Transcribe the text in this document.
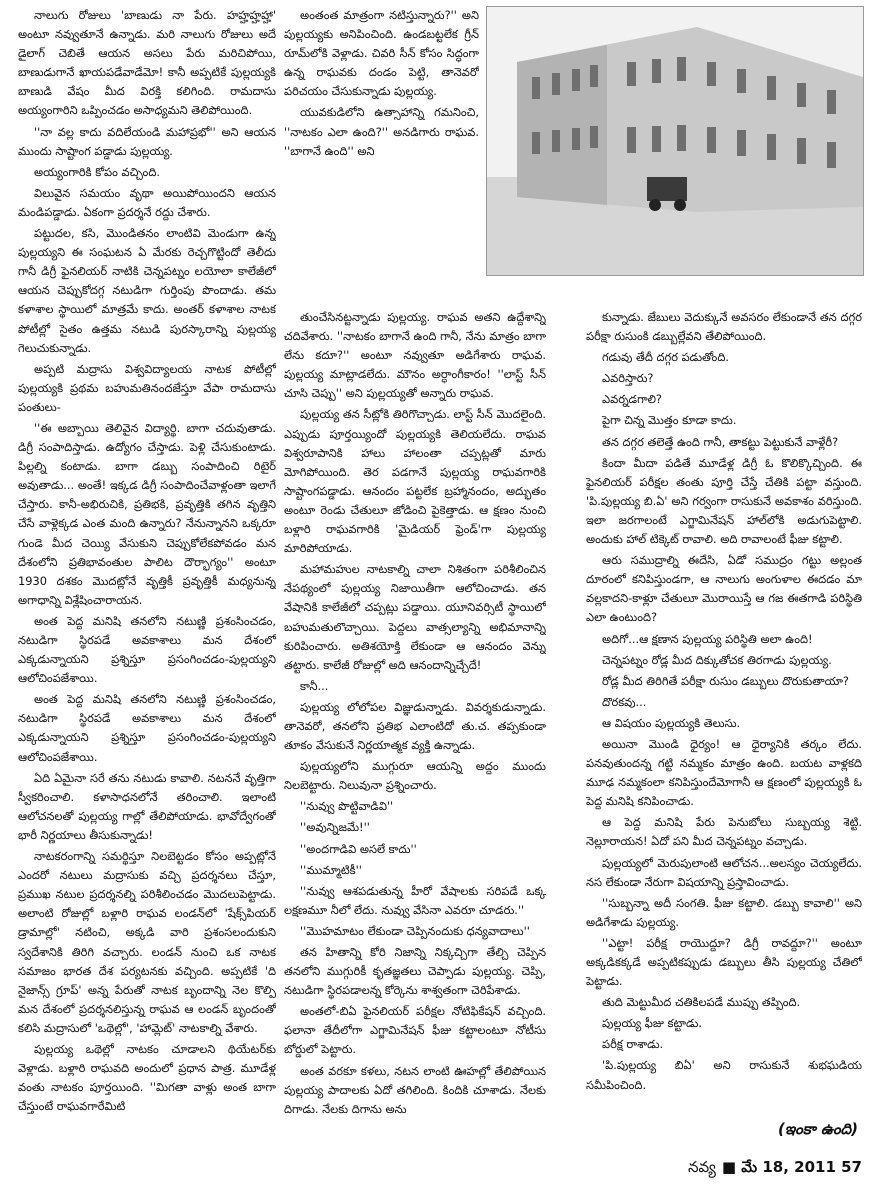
నాలుగు రోజులు 'బాణుడు నా పేరు. హహ్హహ్హహ్హా' అంటూ నవ్వుతూనే ఉన్నాడు. మరి నాలుగు రోజులు అదే డైలాగ్ చెబితే ఆయన అసలు పేరు మరిచిపోయి, బాణుడుగానే ఖాయపడేవాడేమో! కానీ అప్పటికే పుల్లయ్యకి బాణుడి వేషం మీద విరక్తి కలిగింది. రామదాసు అయ్యంగారిని ఒప్పించడం అసాధ్యమని తెలిపోయింది.

''నా వల్ల కాదు వదిలేయండి మహాప్రభో'' అని ఆయన ముందు సాష్టాంగ పడ్డాడు పుల్లయ్య.

అయ్యంగారికి కోపం వచ్చింది.

విలువైన సమయం వృథా అయిపోయిందని ఆయన మండిపడ్డాడు. ఏకంగా ప్రదర్శనే రద్దు చేశారు.

పట్టుదల, కసి, మొండితనం లాంటివి మెండుగా ఉన్న పుల్లయ్యని ఈ సంఘటన ఏ మేరకు రెచ్చగొట్టిందో తెలీదు గానీ డిగ్రీ ఫైనలియర్ నాటికి చెన్నపట్నం లయోలా కాలేజీలో ఆయన చెప్పుకోదగ్గ నటుడిగా గుర్తింపు పొందాడు. తమ కళాశాల స్థాయిలో మాత్రమే కాదు. అంతర్ కళాశాల నాటక పోటీల్లో సైతం ఉత్తమ నటుడి పురస్కారాన్ని పుల్లయ్య గెలుచుకున్నాడు.

అప్పటి మద్రాసు విశ్వవిద్యాలయ నాటక పోటీల్లో పుల్లయ్యకి ప్రథమ బహుమతినందజేస్తూ వేపా రామదాసు పంతులు-

''ఈ అబ్బాయి తెలివైన విద్యార్థి. బాగా చదువుతాడు. డిగ్రీ సంపాదిస్తాడు. ఉద్యోగం చేస్తాడు. పెళ్లి చేసుకుంటాడు. పిల్లల్ని కంటాడు. బాగా డబ్బు సంపాదించి రిటైర్ అవుతాడు... అంతే! ఇక్కడ డిగ్రీ సంపాదించేవాళ్లంతా ఇలాగే చేస్తారు. కానీ-అభిరుచికి, ప్రతిభకి, ప్రవృత్తికి తగిన వృత్తిని చేసే వాళ్లెక్కడ ఎంత మంది ఉన్నారు? నేనున్నానని ఒక్కరూ గుండె మీద చెయ్యి వేసుకుని చెప్పుకోలేకపోవడం మన దేశంలోని ప్రతిభావంతుల పాలిట దౌర్భాగ్యం'' అంటూ 1930 దశకం మొదట్లోనే వృత్తికీ ప్రవృత్తికీ మధ్యనున్న అగాధాన్ని విశ్లేషించారాయన.

అంత పెద్ద మనిషి తనలోని నటుణ్ణి ప్రశంసించడం, నటుడిగా స్థిరపడే అవకాశాలు మన దేశంలో ఎక్కడున్నాయని ప్రశ్నిస్తూ ప్రసంగించడం-పుల్లయ్యని ఆలోచింపజేశాయి.

అంత పెద్ద మనిషి తనలోని నటుణ్ణి ప్రశంసించడం, నటుడిగా స్థిరపడే అవకాశాలు మన దేశంలో ఎక్కడున్నాయని ప్రశ్నిస్తూ ప్రసంగించడం-పుల్లయ్యని ఆలోచింపజేశాయి.

ఏది ఏమైనా సరే తను నటుడు కావాలి. నటననే వృత్తిగా స్వీకరించాలి. కళాసాధనలోనే తరించాలి. ఇలాంటి ఆలోచనలతో పుల్లయ్య గాల్లో తేలిపోయాడు. భావోద్వేగంతో భారీ నిర్ణయాలు తీసుకున్నాడు!

నాటకరంగాన్ని సమర్థిస్తూ నిలబెట్టడం కోసం అప్పట్లోనే ఎందరో నటులు మద్రాసుకు వచ్చి ప్రదర్శనలు చేస్తూ, ప్రముఖ నటుల ప్రదర్శనల్ని పరిశీలించడం మొదలుపెట్టాడు. అలాంటి రోజుల్లో బళ్లారి రాఘవ లండన్‌లో 'షేక్స్‌పియర్ డ్రామాల్లో' నటించి, అక్కడి వారి ప్రశంసలందుకుని స్వదేశానికి తిరిగి వచ్చారు. లండన్ నుంచి ఒక నాటక సమాజం భారత దేశ పర్యటనకు వచ్చింది. అప్పటికే 'ది నైజాన్స్ గ్రూప్' అన్న పేరుతో నాటక బృందాన్ని నెల కొల్పి మన దేశంలో ప్రదర్శనలిస్తున్న రాఘవ ఆ లండన్ బృందంతో కలిసి మద్రాసులో 'ఒథెల్లో', 'హామ్లెట్' నాటకాల్ని వేశారు.

పుల్లయ్య ఒథెల్లో నాటకం చూడాలని థియేటర్‌కు వెళ్లాడు. బళ్లారి రాఘవది అందులో ప్రధాన పాత్ర. మూడేళ్ల వంతు నాటకం పూర్తయింది. ''మిగతా వాళ్లు అంత బాగా చేస్తుంటే రాఘవగారేమిటి

అంతంత మాత్రంగా నటిస్తున్నారు?'' అని పుల్లయ్యకు అనిపించింది. ఉండబట్టలేక గ్రీన్ రూమ్‌లోకి వెళ్లాడు. చివరి సీన్ కోసం సిద్ధంగా ఉన్న రాఘవకు దండం పెట్టి, తానెవరో పరిచయం చేసుకున్నాడు పుల్లయ్య.

యువకుడిలోని ఉత్సాహాన్ని గమనించి, ''నాటకం ఎలా ఉంది?'' అనడిగారు రాఘవ. ''బాగానే ఉంది'' అని

తుంచేసినట్టన్నాడు పుల్లయ్య. రాఘవ అతని ఉద్దేశాన్ని చదివేశారు. ''నాటకం బాగానే ఉంది గానీ, నేను మాత్రం బాగా లేను కదూ?'' అంటూ నవ్వుతూ అడిగేశారు రాఘవ. పుల్లయ్య మాట్లాడలేదు. మౌనం అర్ధాంగీకారం! ''లాస్ట్ సీన్ చూసి చెప్పు'' అని పుల్లయ్యతో అన్నారు రాఘవ.

పుల్లయ్య తన సీట్లోకి తిరిగొచ్చాడు. లాస్ట్ సీన్ మొదలైంది. ఎప్పుడు పూర్తయ్యిందో పుల్లయ్యకి తెలియలేదు. రాఘవ విశ్వరూపానికి హాలు హాలంతా చప్పట్లతో మారు మోగిపోయింది. తెర పడగానే పుల్లయ్య రాఘవగారికి సాష్టాంగపడ్డాడు. ఆనందం పట్టలేక బ్రహ్మానందం, అద్భుతం అంటూ రెండు చేతులూ జోడించి పైకెత్తాడు. ఆ క్షణం నుంచి బళ్లారి రాఘవగారికి 'మైడియర్ ఫ్రెండ్'గా పుల్లయ్య మారిపోయాడు.

మహామహుల నాటకాల్ని చాలా నిశితంగా పరిశీలించిన నేపథ్యంలో పుల్లయ్య నిజాయితీగా ఆలోచించాడు. తన వేషానికి కాలేజీలో చప్పట్లు పడ్డాయి. యూనివర్సిటీ స్థాయిలో బహుమతులొచ్చాయి. పెద్దలు వాత్సల్యాన్ని అభిమానాన్ని కురిపించారు. అతిశయోక్తి లేకుండా ఆ ఆనందం వెన్ను తట్టారు. కాలేజీ రోజుల్లో అది ఆనందాన్నిచ్చేదే!

కానీ...

పుల్లయ్య లోలోపల విజ్ఞుడున్నాడు. వివర్శకుడున్నాడు. తానెవరో, తనలోని ప్రతిభ ఎలాంటిదో తు.చ. తప్పకుండా తూకం వేసుకునే నిర్ణయాత్మక వ్యక్తి ఉన్నాడు.

పుల్లయ్యలోని ముగ్గురూ ఆయన్ని అద్దం ముందు నిలబెట్టారు. నిలువునా ప్రశ్నించారు.

''నువ్వు పొట్టివాడివి''

''అవున్నిజమే!''

''అందగాడివి అసలే కాదు''

''ముమ్మాటికీ''

''నువ్వు ఆశపడుతున్న హీరో వేషాలకు సరిపడే ఒక్క లక్షణమూ నీలో లేదు. నువ్వు వేసినా ఎవరూ చూడరు.''

''మొహమాటం లేకుండా చెప్పినందుకు ధన్యవాదాలు''

తన హితాన్ని కోరి నిజాన్ని నిక్కచ్చిగా తేల్చి చెప్పిన తనలోని ముగ్గురికీ కృతజ్ఞతలు చెప్పాడు పుల్లయ్య. చెప్పి, నటుడిగా స్థిరపడాలన్న కోర్కెను శాశ్వతంగా చెరిపేశాడు.

అంతలో-బిఏ ఫైనలియర్ పరీక్షల నోటిఫికేషన్ వచ్చింది. ఫలానా తేదీలోగా ఎగ్జామినేషన్ ఫీజు కట్టాలంటూ నోటీసు బోర్డులో పెట్టారు.

అంత వరకూ కళలు, నటన లాంటి ఊహల్లో తేలిపోయిన పుల్లయ్య పాదాలకు ఏదో తగిలింది. కిందికి చూశాడు. నేలకు దిగాడు. నేలకు దిగాను అను

కున్నాడు. జేబులు వెదుక్కునే అవసరం లేకుండానే తన దగ్గర పరీక్షా రుసుంకి డబ్బుల్లేవని తేలిపోయింది.

గడువు తేదీ దగ్గర పడుతోంది.

ఎవరిస్తారు?

ఎవర్నడగాలి?

పైగా చిన్న మొత్తం కూడా కాదు.

తన దగ్గర తలెత్తే ఉంది గానీ, తాకట్టు పెట్టుకునే వాళ్లేరీ?

కిందా మీదా పడితే మూడేళ్ల డిగ్రీ ఓ కొలిక్కొచ్చింది. ఈ ఫైనలియర్ పరీక్షల తంతు పూర్తి చేస్తే చేతికి పట్టా వస్తుంది. 'పి.పుల్లయ్య బి.ఏ' అని గర్వంగా రాసుకునే అవకాశం వరిస్తుంది. ఇలా జరగాలంటే ఎగ్జామినేషన్ హాల్‌లోకి అడుగుపెట్టాలి. అందుకు హాల్ టిక్కెట్ రావాలి. అది రావాలంటే ఫీజు కట్టాలి.

ఆరు సముద్రాల్ని ఈదేసి, ఏడో సముద్రం గట్టు అల్లంత దూరంలో కనిపిస్తుండగా, ఆ నాలుగు అంగుళాల ఈదడం మా వల్లకాదని-కాళ్లూ చేతులూ మొరాయిస్తే ఆ గజ ఈతగాడి పరిస్థితి ఎలా ఉంటుంది?

అదిగో...ఆ క్షణాన పుల్లయ్య పరిస్థితి అలా ఉంది!

చెన్నపట్నం రోడ్ల మీద దిక్కుతోచక తిరగాడు పుల్లయ్య.

రోడ్ల మీద తిరిగితే పరీక్షా రుసుం డబ్బులు దొరుకుతాయా?

దొరకవు...

ఆ విషయం పుల్లయ్యకి తెలుసు.

అయినా మొండి ధైర్యం! ఆ ధైర్యానికి తర్కం లేదు. పనవుతుందన్న గట్టి నమ్మకం మాత్రం ఉంది. బయట వాళ్లకది మూఢ నమ్మకంలా కనిపిస్తుందేమోగానీ ఆ క్షణంలో పుల్లయ్యకి ఓ పెద్ద మనిషి కనిపించాడు.

ఆ పెద్ద మనిషి పేరు పెనుబోలు సుబ్బయ్య శెట్టి. నెల్లూరాయన! ఏదో పని మీద చెన్నపట్నం వచ్చాడు.

పుల్లయ్యలో మెరుపులాంటి ఆలోచన...అలస్యం చెయ్యలేదు. నస లేకుండా నేరుగా విషయాన్ని ప్రస్తావించాడు.

''సుబ్బన్నా అదీ సంగతి. ఫీజు కట్టాలి. డబ్బు కావాలి'' అని అడిగేశాడు పుల్లయ్య.

''ఎట్టా! పరీక్ష రాయొద్దూ? డిగ్రీ రావద్దూ?'' అంటూ అక్కడికక్కడే అప్పటికప్పుడు డబ్బులు తీసి పుల్లయ్య చేతిలో పెట్టాడు.

తుది మెట్టుమీద చతికిలపడే ముప్పు తప్పింది.

పుల్లయ్య ఫీజు కట్టాడు.

పరీక్ష రాశాడు.

'పి.పుల్లయ్య బిఏ' అని రాసుకునే శుభఘడియ సమీపించింది.

(ఇంకా ఉంది)
నవ్య ■ మే 18, 2011 57
